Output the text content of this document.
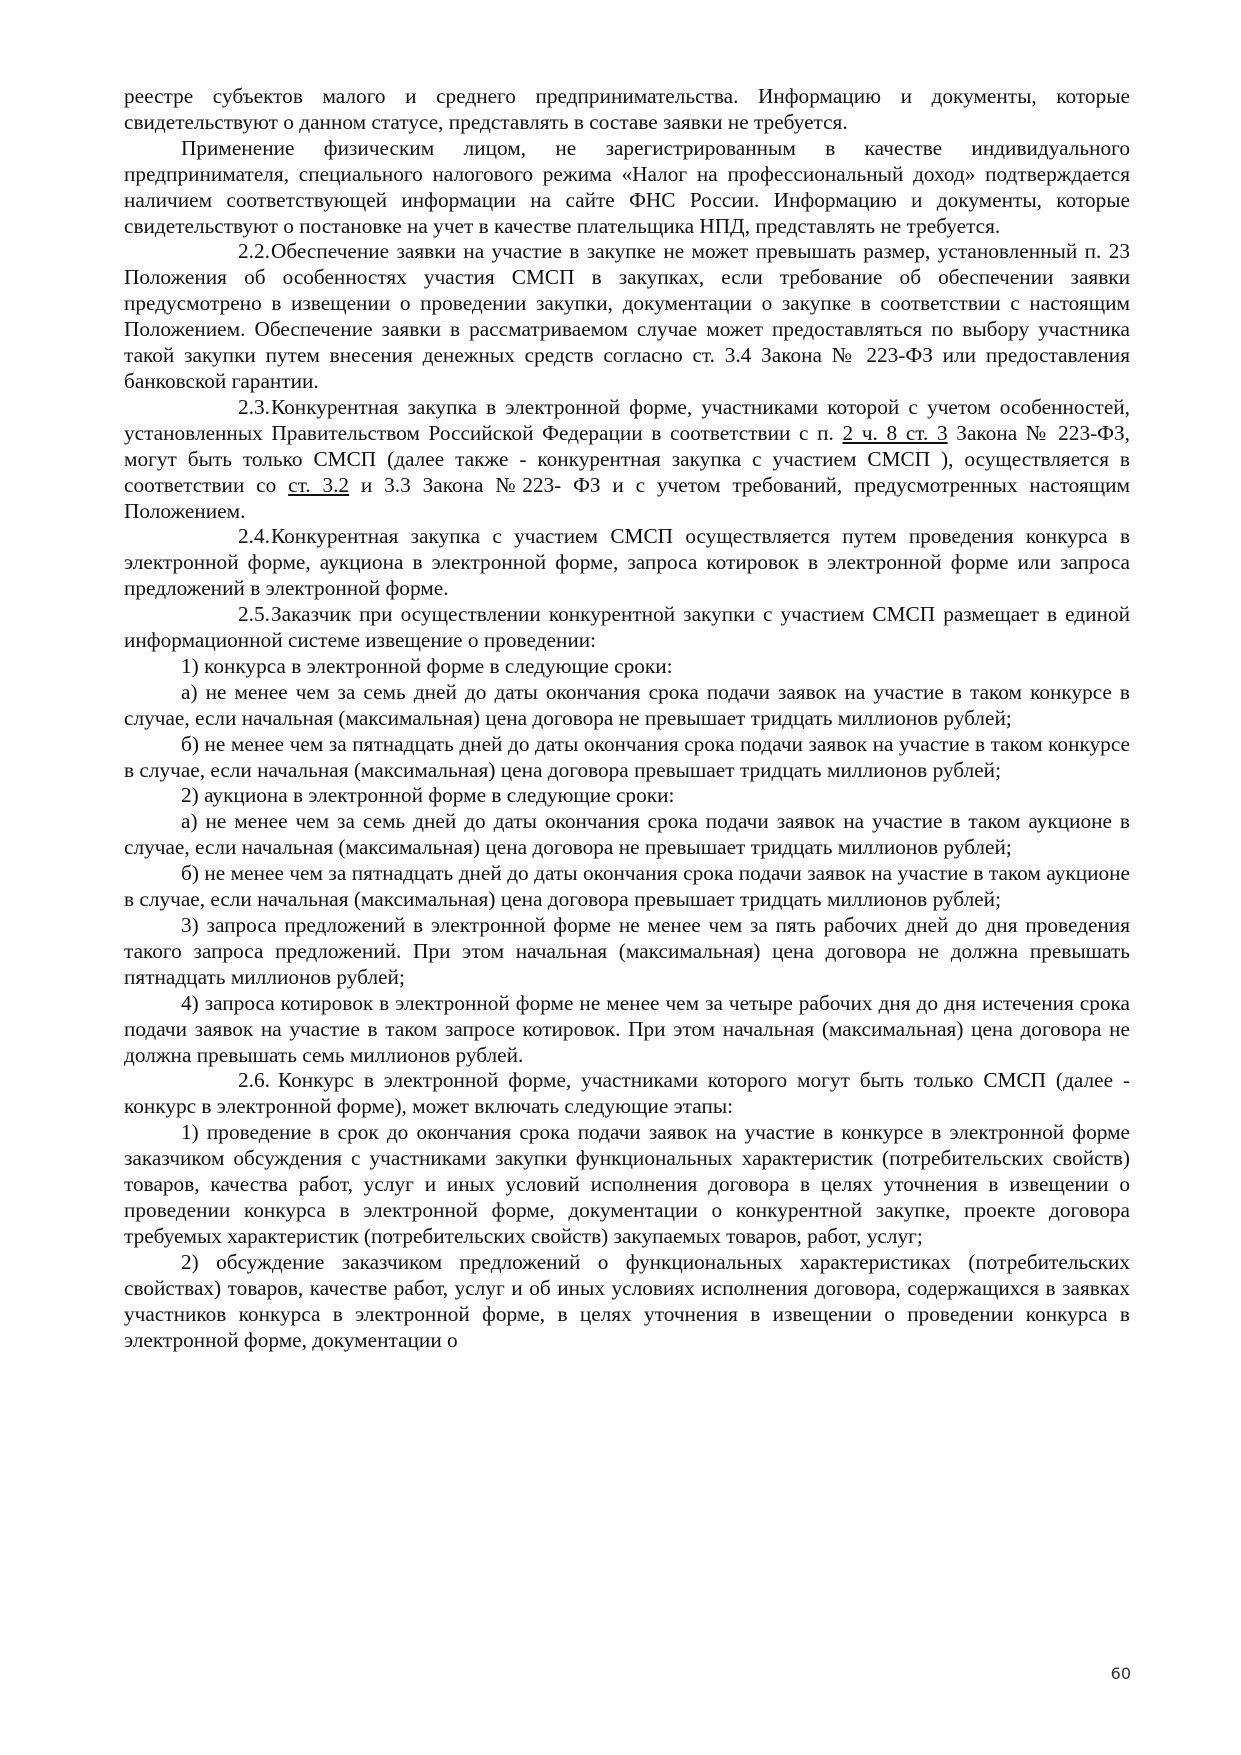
реестре субъектов малого и среднего предпринимательства. Информацию и документы, которые свидетельствуют о данном статусе, представлять в составе заявки не требуется.

Применение физическим лицом, не зарегистрированным в качестве индивидуального предпринимателя, специального налогового режима «Налог на профессиональный доход» подтверждается наличием соответствующей информации на сайте ФНС России. Информацию и документы, которые свидетельствуют о постановке на учет в качестве плательщика НПД, представлять не требуется.

2.2.Обеспечение заявки на участие в закупке не может превышать размер, установленный п. 23 Положения об особенностях участия СМСП в закупках, если требование об обеспечении заявки предусмотрено в извещении о проведении закупки, документации о закупке в соответствии с настоящим Положением. Обеспечение заявки в рассматриваемом случае может предоставляться по выбору участника такой закупки путем внесения денежных средств согласно ст. 3.4 Закона № 223-ФЗ или предоставления банковской гарантии.

2.3.Конкурентная закупка в электронной форме, участниками которой с учетом особенностей, установленных Правительством Российской Федерации в соответствии с п. 2 ч. 8 ст. 3 Закона № 223-ФЗ, могут быть только СМСП (далее также - конкурентная закупка с участием СМСП ), осуществляется в соответствии со ст. 3.2 и 3.3 Закона №223- ФЗ и с учетом требований, предусмотренных настоящим Положением.

2.4.Конкурентная закупка с участием СМСП осуществляется путем проведения конкурса в электронной форме, аукциона в электронной форме, запроса котировок в электронной форме или запроса предложений в электронной форме.

2.5.Заказчик при осуществлении конкурентной закупки с участием СМСП размещает в единой информационной системе извещение о проведении:

1) конкурса в электронной форме в следующие сроки:

а) не менее чем за семь дней до даты окончания срока подачи заявок на участие в таком конкурсе в случае, если начальная (максимальная) цена договора не превышает тридцать миллионов рублей;

б) не менее чем за пятнадцать дней до даты окончания срока подачи заявок на участие в таком конкурсе в случае, если начальная (максимальная) цена договора превышает тридцать миллионов рублей;

2) аукциона в электронной форме в следующие сроки:

а) не менее чем за семь дней до даты окончания срока подачи заявок на участие в таком аукционе в случае, если начальная (максимальная) цена договора не превышает тридцать миллионов рублей;

б) не менее чем за пятнадцать дней до даты окончания срока подачи заявок на участие в таком аукционе в случае, если начальная (максимальная) цена договора превышает тридцать миллионов рублей;

3) запроса предложений в электронной форме не менее чем за пять рабочих дней до дня проведения такого запроса предложений. При этом начальная (максимальная) цена договора не должна превышать пятнадцать миллионов рублей;

4) запроса котировок в электронной форме не менее чем за четыре рабочих дня до дня истечения срока подачи заявок на участие в таком запросе котировок. При этом начальная (максимальная) цена договора не должна превышать семь миллионов рублей.

2.6. Конкурс в электронной форме, участниками которого могут быть только СМСП (далее - конкурс в электронной форме), может включать следующие этапы:

1) проведение в срок до окончания срока подачи заявок на участие в конкурсе в электронной форме заказчиком обсуждения с участниками закупки функциональных характеристик (потребительских свойств) товаров, качества работ, услуг и иных условий исполнения договора в целях уточнения в извещении о проведении конкурса в электронной форме, документации о конкурентной закупке, проекте договора требуемых характеристик (потребительских свойств) закупаемых товаров, работ, услуг;

2) обсуждение заказчиком предложений о функциональных характеристиках (потребительских свойствах) товаров, качестве работ, услуг и об иных условиях исполнения договора, содержащихся в заявках участников конкурса в электронной форме, в целях уточнения в извещении о проведении конкурса в электронной форме, документации о

60
